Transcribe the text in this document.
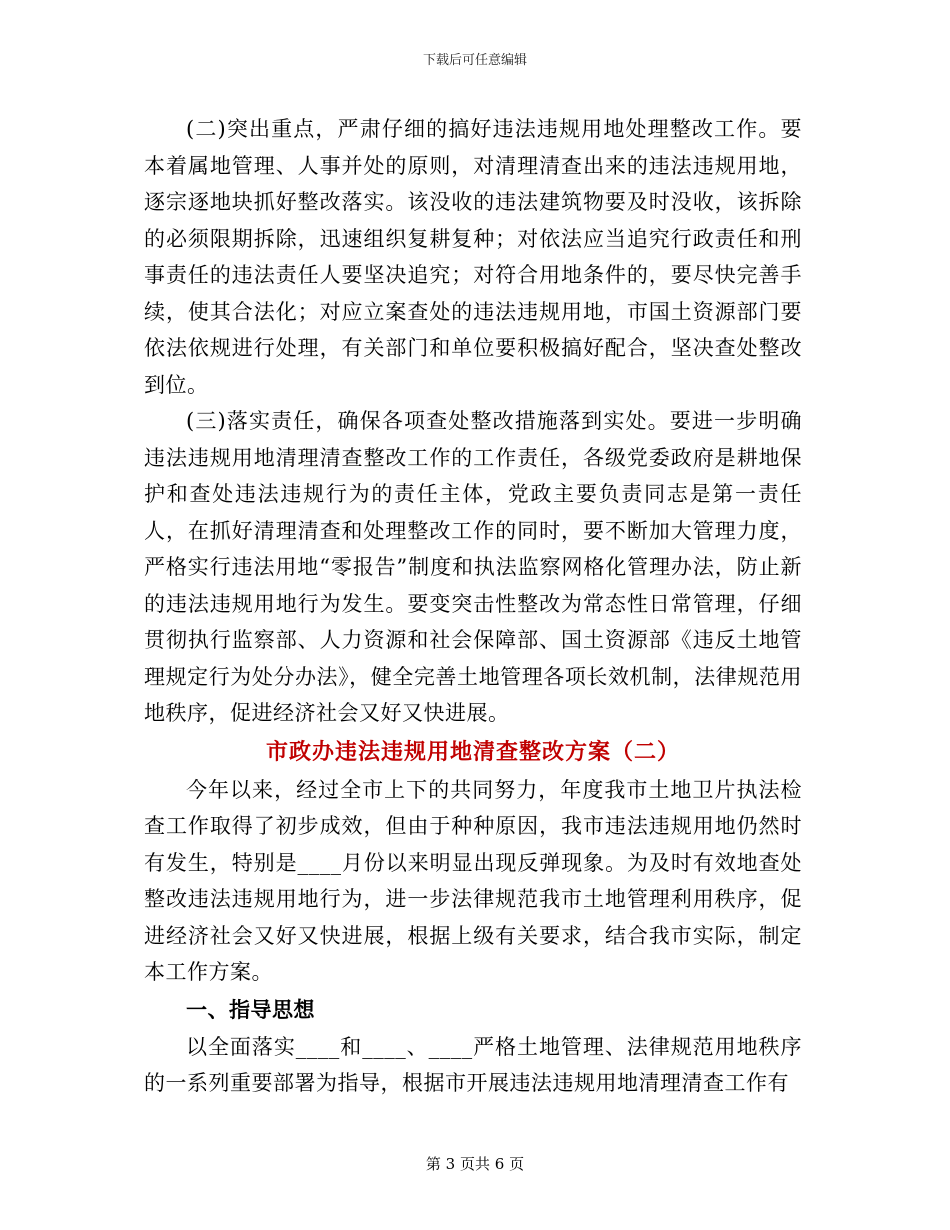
下载后可任意编辑

(二)突出重点，严肃仔细的搞好违法违规用地处理整改工作。要本着属地管理、人事并处的原则，对清理清查出来的违法违规用地，逐宗逐地块抓好整改落实。该没收的违法建筑物要及时没收，该拆除的必须限期拆除，迅速组织复耕复种；对依法应当追究行政责任和刑事责任的违法责任人要坚决追究；对符合用地条件的，要尽快完善手续，使其合法化；对应立案查处的违法违规用地，市国土资源部门要依法依规进行处理，有关部门和单位要积极搞好配合，坚决查处整改到位。

(三)落实责任，确保各项查处整改措施落到实处。要进一步明确违法违规用地清理清查整改工作的工作责任，各级党委政府是耕地保护和查处违法违规行为的责任主体，党政主要负责同志是第一责任人，在抓好清理清查和处理整改工作的同时，要不断加大管理力度，严格实行违法用地“零报告”制度和执法监察网格化管理办法，防止新的违法违规用地行为发生。要变突击性整改为常态性日常管理，仔细贯彻执行监察部、人力资源和社会保障部、国土资源部《违反土地管理规定行为处分办法》，健全完善土地管理各项长效机制，法律规范用地秩序，促进经济社会又好又快进展。

市政办违法违规用地清查整改方案（二）

今年以来，经过全市上下的共同努力，年度我市土地卫片执法检查工作取得了初步成效，但由于种种原因，我市违法违规用地仍然时有发生，特别是____月份以来明显出现反弹现象。为及时有效地查处整改违法违规用地行为，进一步法律规范我市土地管理利用秩序，促进经济社会又好又快进展，根据上级有关要求，结合我市实际，制定本工作方案。

一、指导思想

以全面落实____和____、____严格土地管理、法律规范用地秩序的一系列重要部署为指导，根据市开展违法违规用地清理清查工作有

第 3 页共 6 页
